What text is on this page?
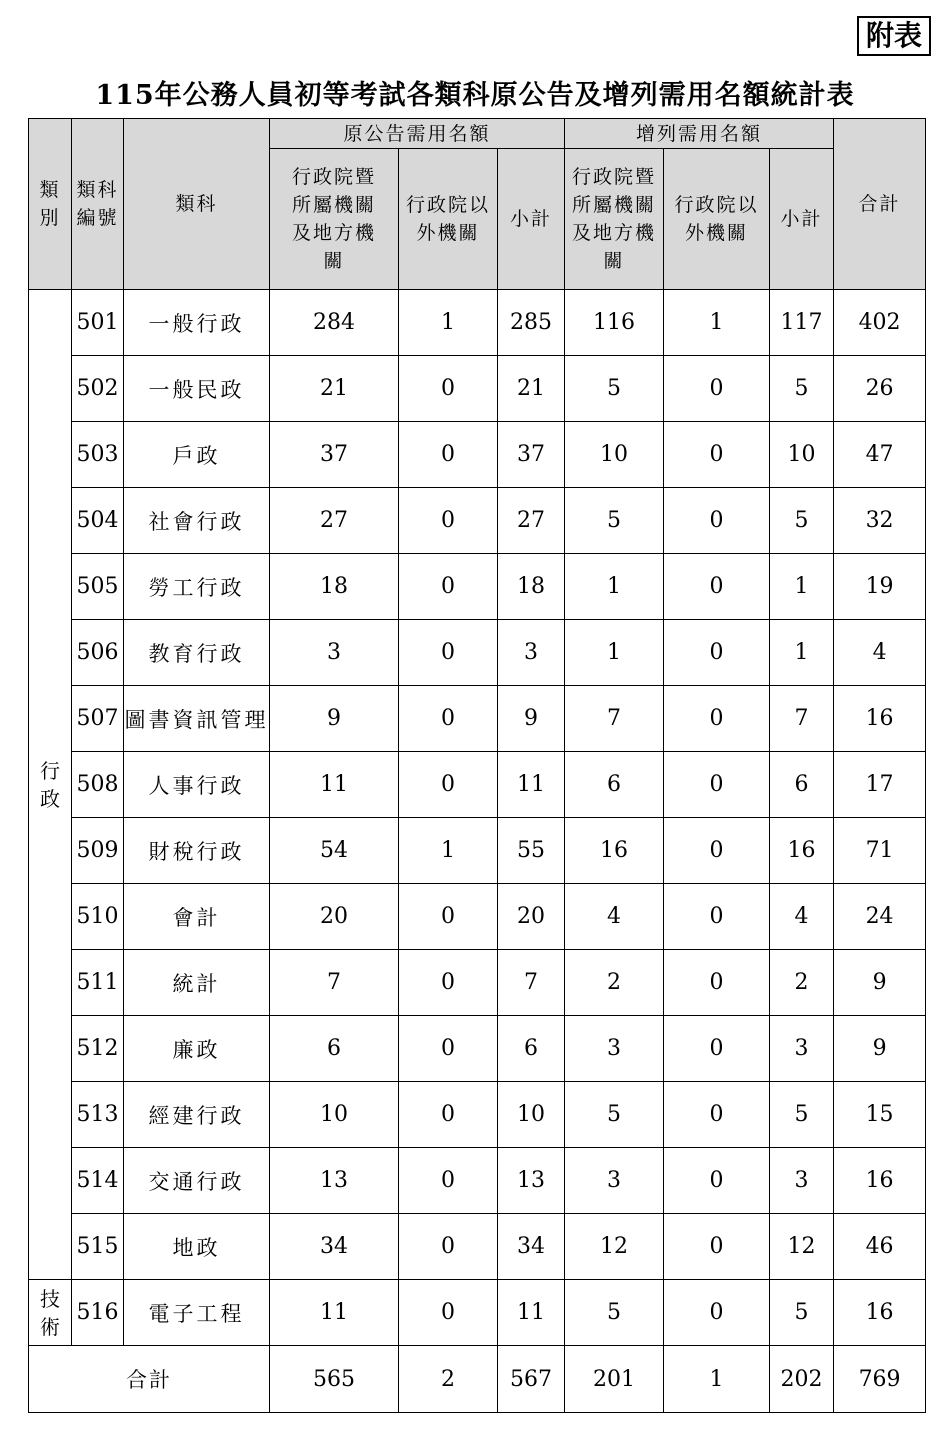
附表
115年公務人員初等考試各類科原公告及增列需用名額統計表
類別	類科編號	類科	原公告需用名額			增列需用名額			合計

			行政院暨所屬機關及地方機關	行政院以外機關	小計	行政院暨所屬機關及地方機關	行政院以外機關	小計	
行政	501	一般行政	284	1	285	116	1	117	402
	502	一般民政	21	0	21	5	0	5	26
	503	戶政	37	0	37	10	0	10	47
	504	社會行政	27	0	27	5	0	5	32
	505	勞工行政	18	0	18	1	0	1	19
	506	教育行政	3	0	3	1	0	1	4
	507	圖書資訊管理	9	0	9	7	0	7	16
	508	人事行政	11	0	11	6	0	6	17
	509	財稅行政	54	1	55	16	0	16	71
	510	會計	20	0	20	4	0	4	24
	511	統計	7	0	7	2	0	2	9
	512	廉政	6	0	6	3	0	3	9
	513	經建行政	10	0	10	5	0	5	15
	514	交通行政	13	0	13	3	0	3	16
	515	地政	34	0	34	12	0	12	46
技術	516	電子工程	11	0	11	5	0	5	16
合計			565	2	567	201	1	202	769
